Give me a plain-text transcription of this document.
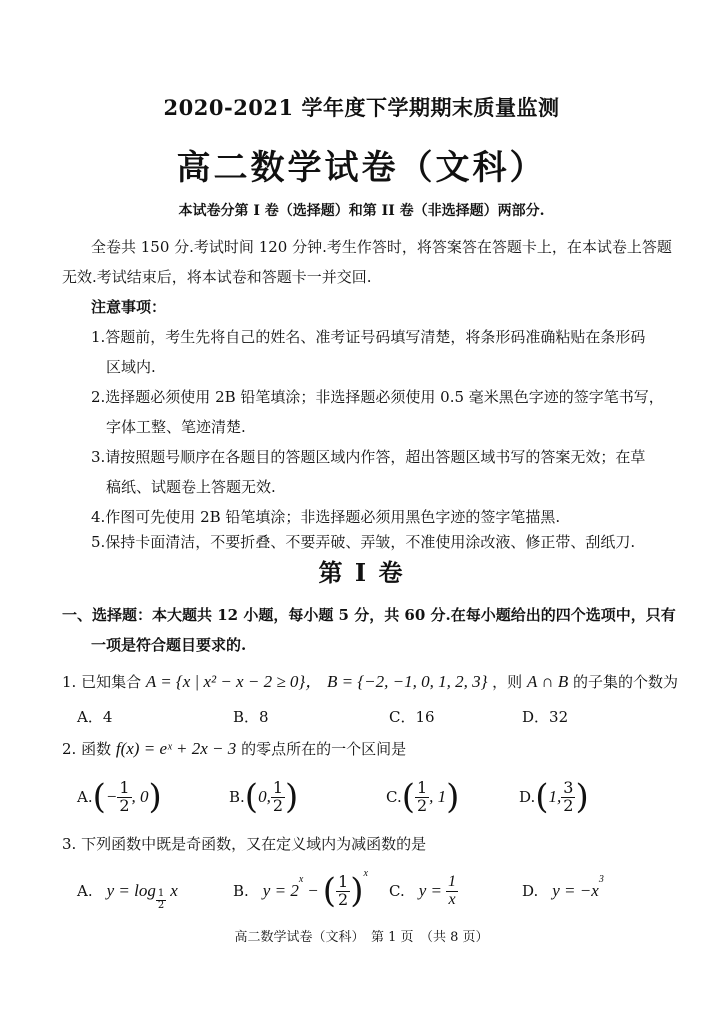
2020-2021 学年度下学期期末质量监测
高二数学试卷（文科）
本试卷分第 I 卷（选择题）和第 II 卷（非选择题）两部分.
全卷共 150 分.考试时间 120 分钟.考生作答时，将答案答在答题卡上，在本试卷上答题
无效.考试结束后，将本试卷和答题卡一并交回.
注意事项：
1.答题前，考生先将自己的姓名、准考证号码填写清楚，将条形码准确粘贴在条形码
区域内.
2.选择题必须使用 2B 铅笔填涂；非选择题必须使用 0.5 毫米黑色字迹的签字笔书写，
字体工整、笔迹清楚.
3.请按照题号顺序在各题目的答题区域内作答，超出答题区域书写的答案无效；在草
稿纸、试题卷上答题无效.
4.作图可先使用 2B 铅笔填涂；非选择题必须用黑色字迹的签字笔描黑.
5.保持卡面清洁，不要折叠、不要弄破、弄皱，不准使用涂改液、修正带、刮纸刀.
第 I 卷
一、选择题：本大题共 12 小题，每小题 5 分，共 60 分.在每小题给出的四个选项中，只有
一项是符合题目要求的.
1. 已知集合 A = {x | x² − x − 2 ≥ 0}， B = {−2, −1, 0, 1, 2, 3} ，则 A ∩ B 的子集的个数为
A．4	B．8	C．16	D．32
2. 函数 f(x) = eˣ + 2x − 3 的零点所在的一个区间是
A. ( − $\frac{1}{2}$ , 0 )	B. ( 0, $\frac{1}{2}$ )	C. ( $\frac{1}{2}$ , 1 )	D. ( 1, $\frac{3}{2}$ )
3. 下列函数中既是奇函数，又在定义域内为减函数的是
A. $y = \log \frac{1}{2}$ x	B. y = 2
$^x$
− ( $\frac{1}{2} )^x$
C. $y = \frac{1}{x}$	D. y = −x
$^3$
高二数学试卷（文科）　第 1 页　（共 8 页）
